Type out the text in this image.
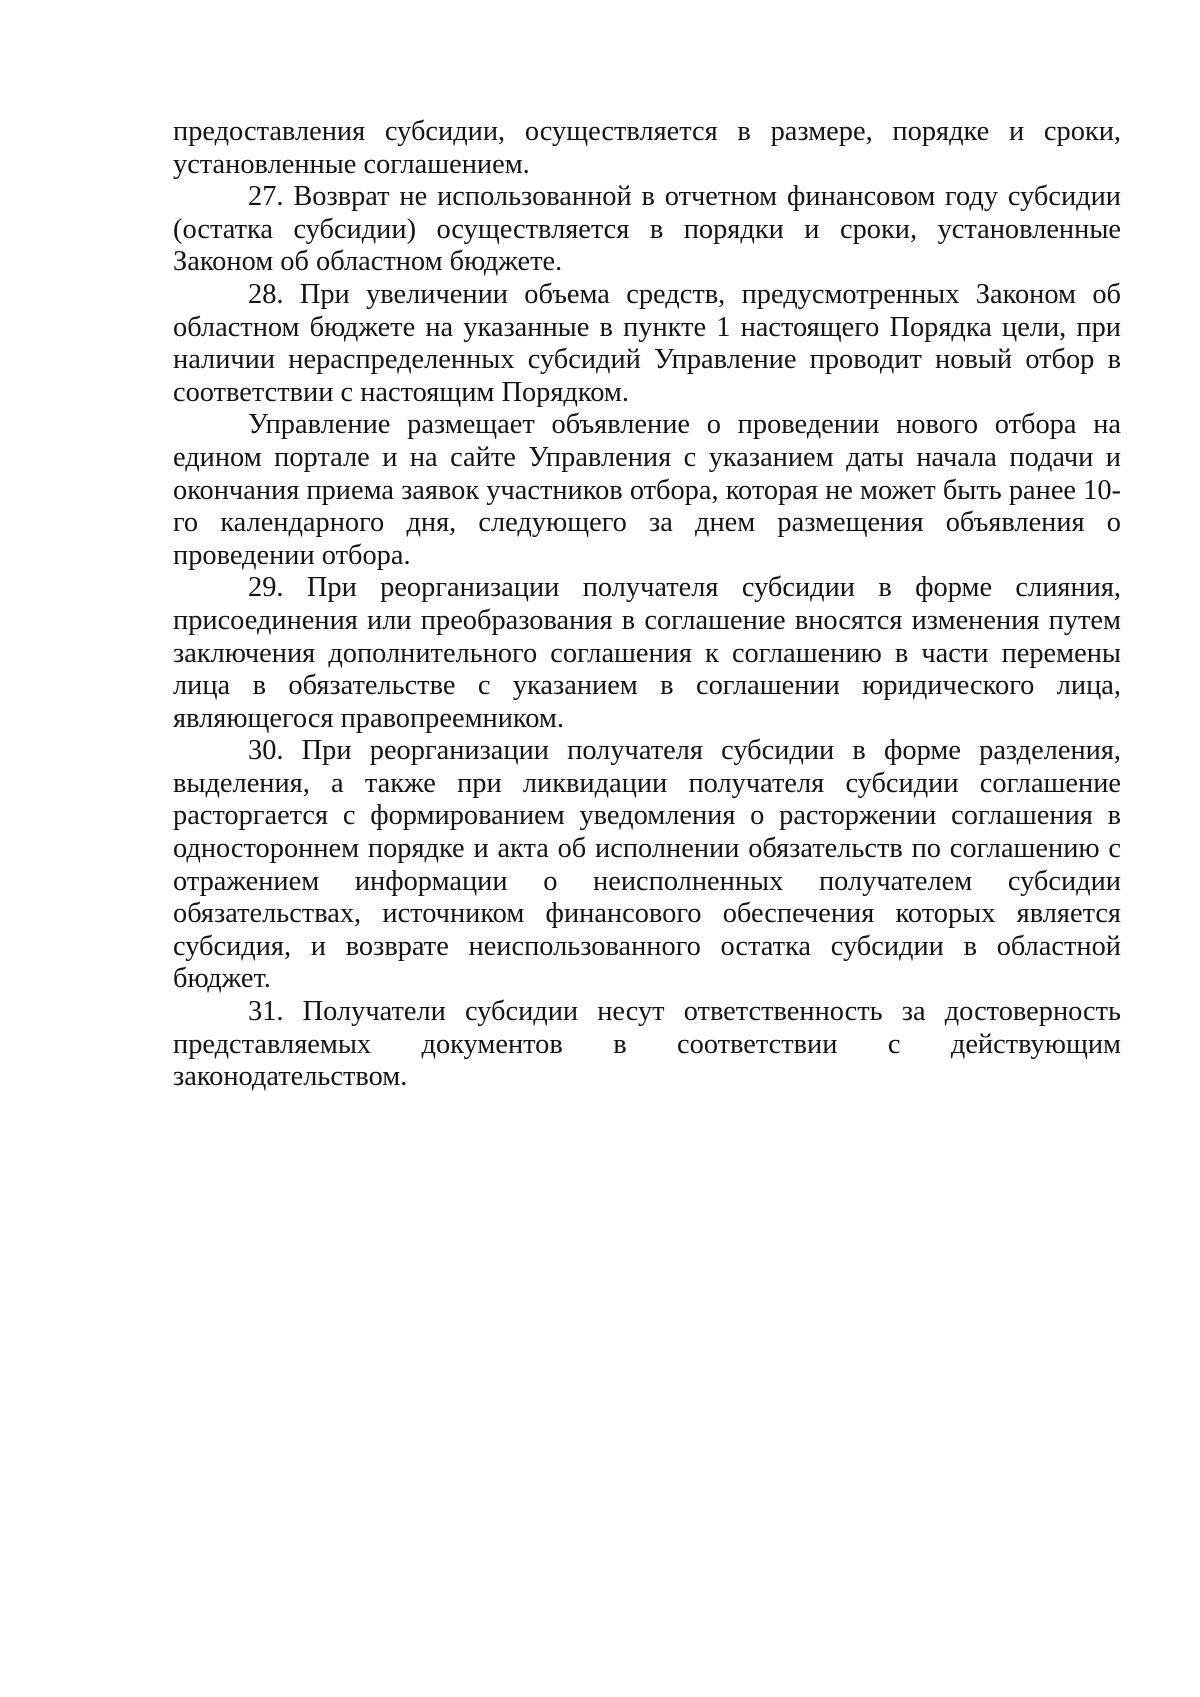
предоставления субсидии, осуществляется в размере, порядке и сроки, установленные соглашением.

27. Возврат не использованной в отчетном финансовом году субсидии (остатка субсидии) осуществляется в порядки и сроки, установленные Законом об областном бюджете.

28. При увеличении объема средств, предусмотренных Законом об областном бюджете на указанные в пункте 1 настоящего Порядка цели, при наличии нераспределенных субсидий Управление проводит новый отбор в соответствии с настоящим Порядком.

Управление размещает объявление о проведении нового отбора на едином портале и на сайте Управления с указанием даты начала подачи и окончания приема заявок участников отбора, которая не может быть ранее 10-го календарного дня, следующего за днем размещения объявления о проведении отбора.

29. При реорганизации получателя субсидии в форме слияния, присоединения или преобразования в соглашение вносятся изменения путем заключения дополнительного соглашения к соглашению в части перемены лица в обязательстве с указанием в соглашении юридического лица, являющегося правопреемником.

30. При реорганизации получателя субсидии в форме разделения, выделения, а также при ликвидации получателя субсидии соглашение расторгается с формированием уведомления о расторжении соглашения в одностороннем порядке и акта об исполнении обязательств по соглашению с отражением информации о неисполненных получателем субсидии обязательствах, источником финансового обеспечения которых является субсидия, и возврате неиспользованного остатка субсидии в областной бюджет.

31. Получатели субсидии несут ответственность за достоверность представляемых документов в соответствии с действующим законодательством.
